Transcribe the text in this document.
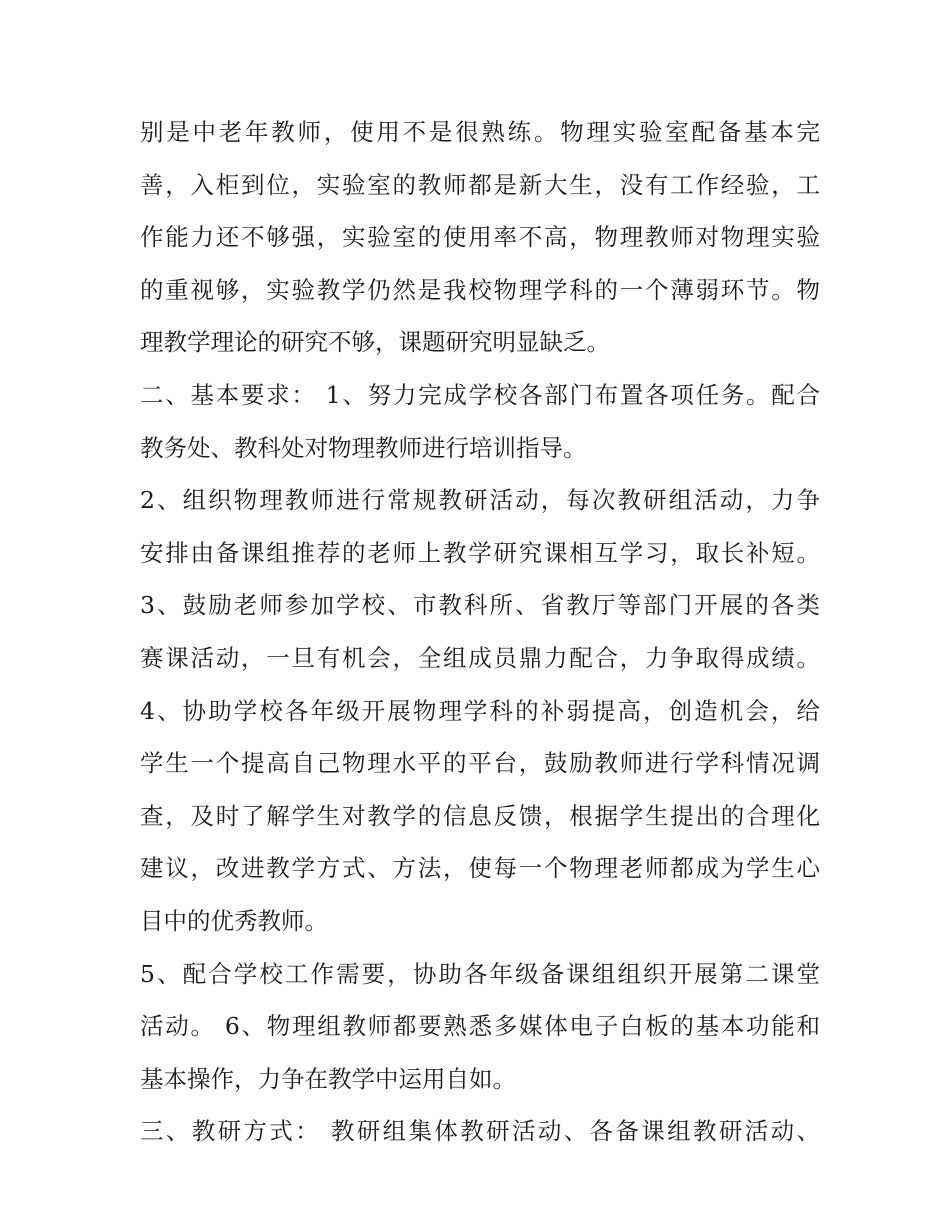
别是中老年教师，使用不是很熟练。物理实验室配备基本完
善，入柜到位，实验室的教师都是新大生，没有工作经验，工
作能力还不够强，实验室的使用率不高，物理教师对物理实验
的重视够，实验教学仍然是我校物理学科的一个薄弱环节。物
理教学理论的研究不够，课题研究明显缺乏。
二、基本要求： 1、努力完成学校各部门布置各项任务。配合
教务处、教科处对物理教师进行培训指导。
2、组织物理教师进行常规教研活动，每次教研组活动，力争
安排由备课组推荐的老师上教学研究课相互学习，取长补短。
3、鼓励老师参加学校、市教科所、省教厅等部门开展的各类
赛课活动，一旦有机会，全组成员鼎力配合，力争取得成绩。
4、协助学校各年级开展物理学科的补弱提高，创造机会，给
学生一个提高自己物理水平的平台，鼓励教师进行学科情况调
查，及时了解学生对教学的信息反馈，根据学生提出的合理化
建议，改进教学方式、方法，使每一个物理老师都成为学生心
目中的优秀教师。
5、配合学校工作需要，协助各年级备课组组织开展第二课堂
活动。 6、物理组教师都要熟悉多媒体电子白板的基本功能和
基本操作，力争在教学中运用自如。
三、教研方式： 教研组集体教研活动、各备课组教研活动、
